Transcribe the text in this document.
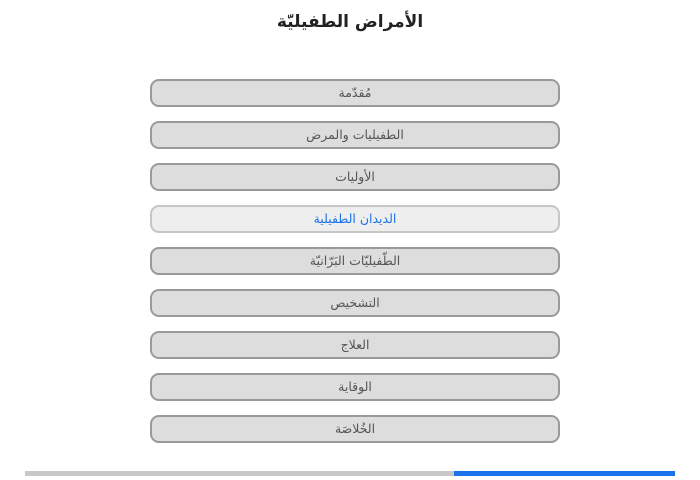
الأمراض الطفيليّة
مُقدّمة
الطفيليات والمرض
الأوليات
الديدان الطفيلية
الطّفيليّات البَرّانيّة
التشخيص
العلاج
الوقاية
الخُلاصَة
